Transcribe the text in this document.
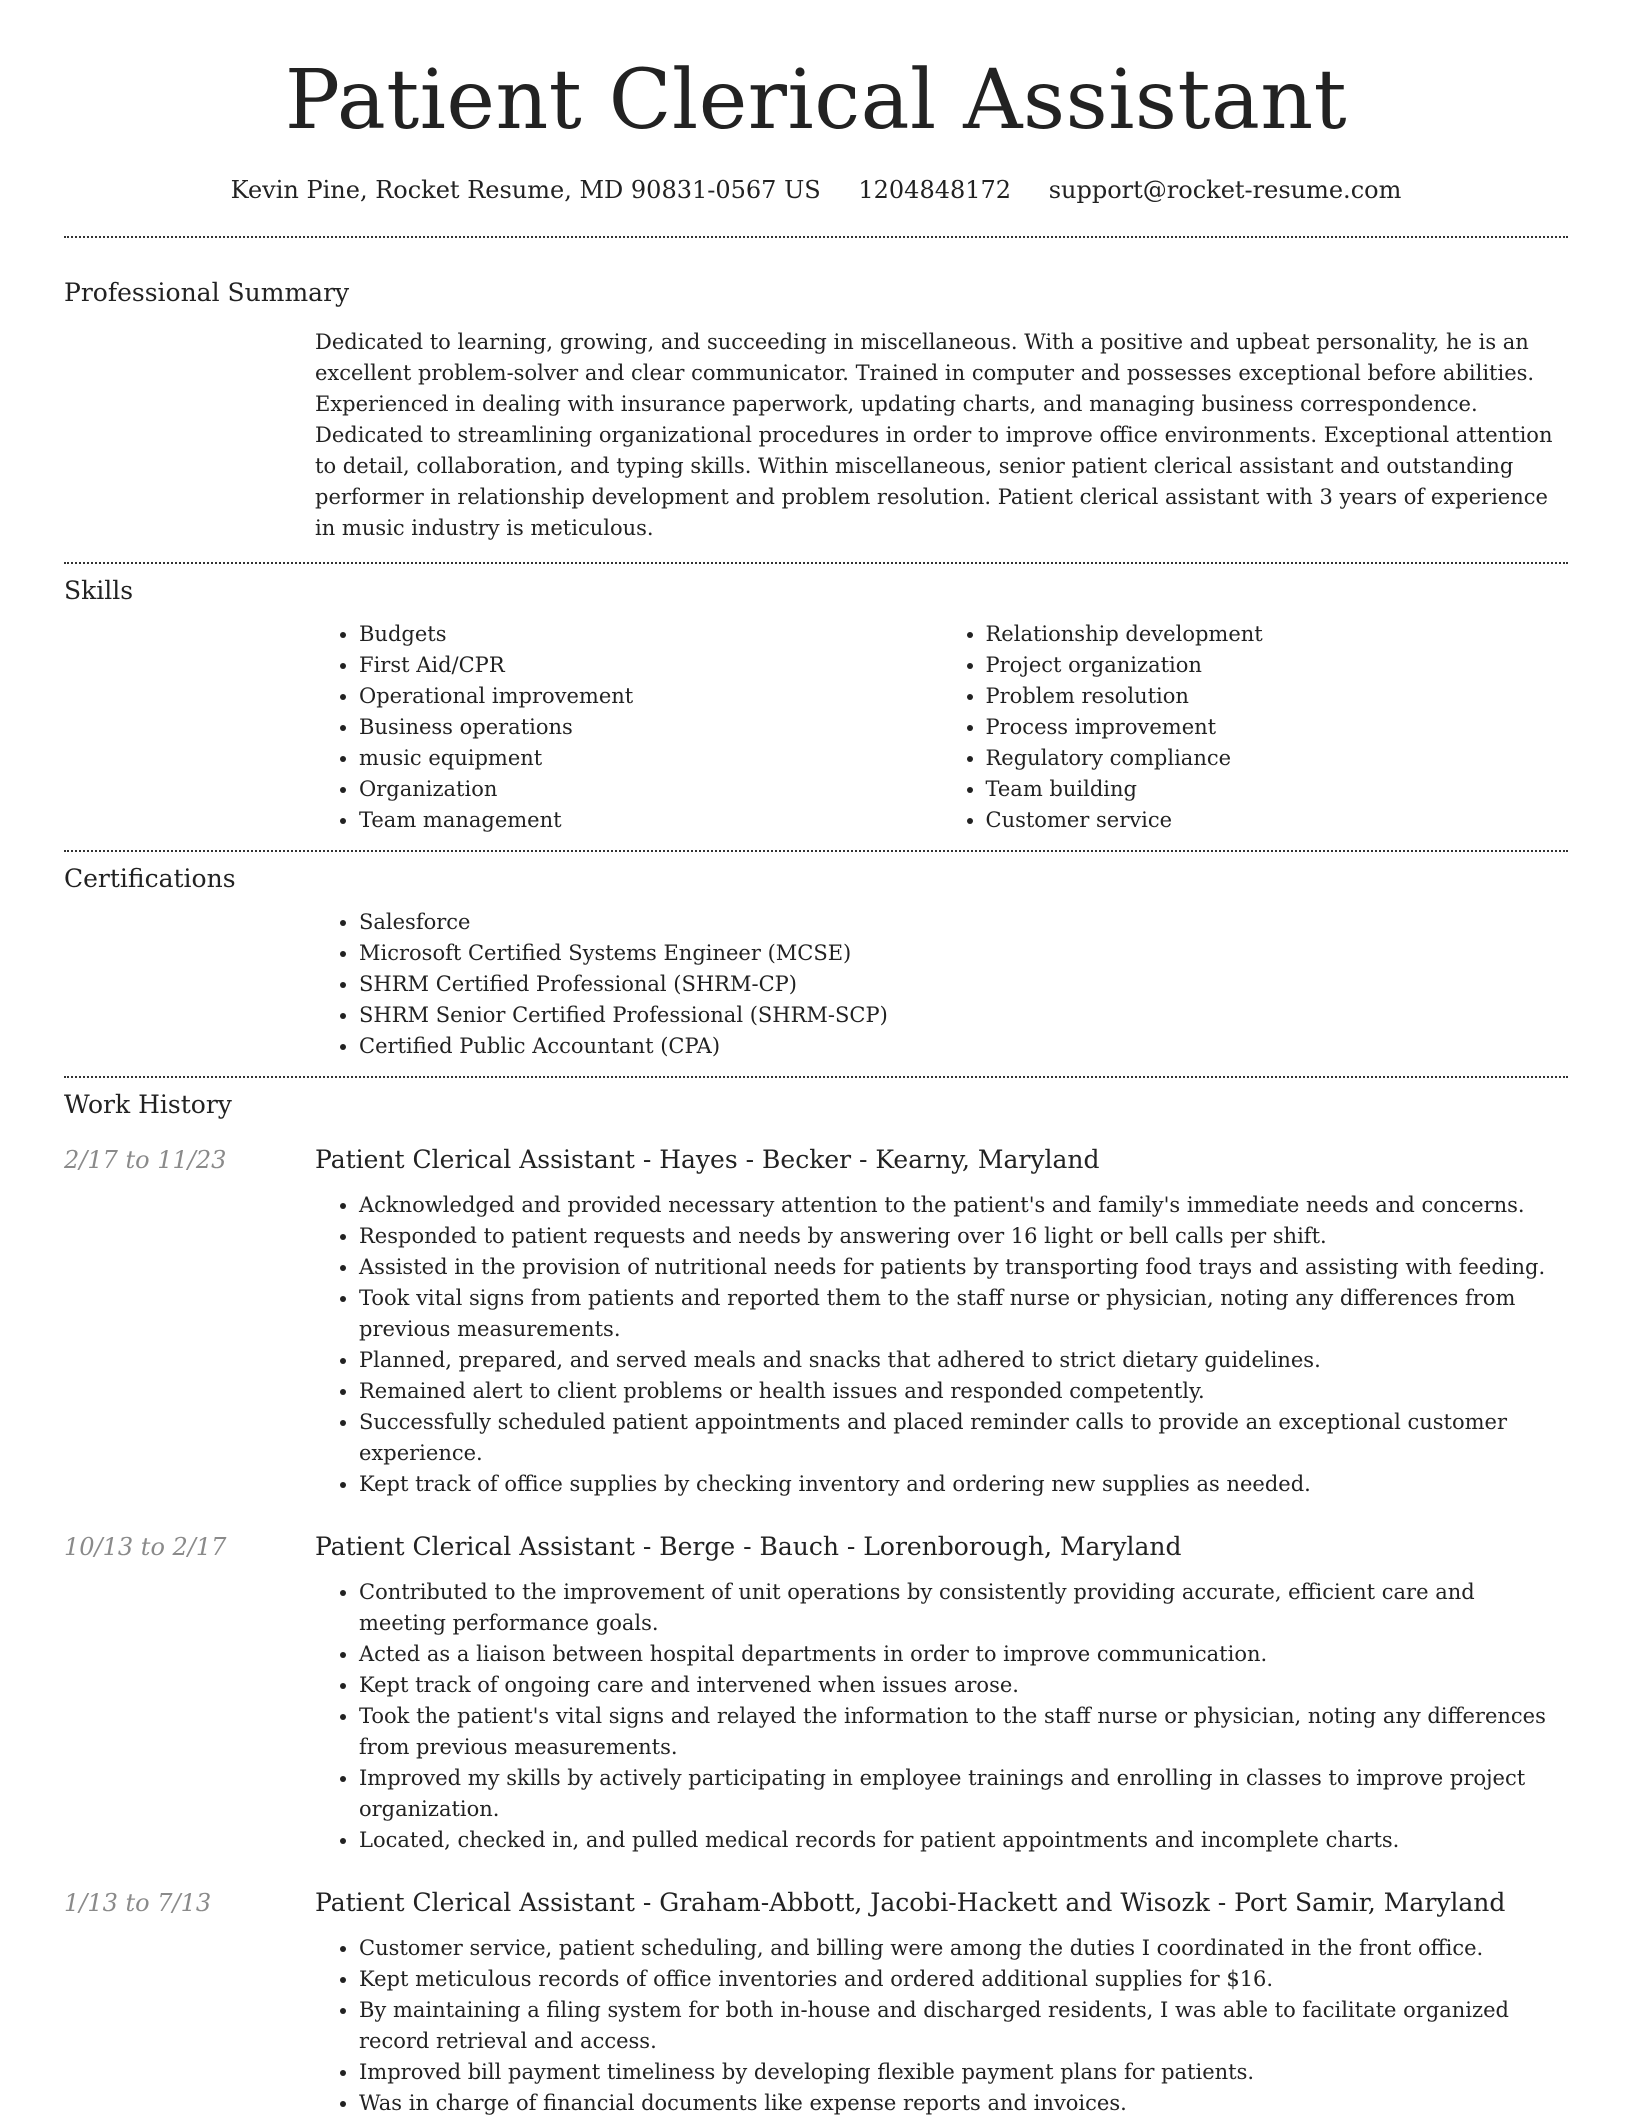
Patient Clerical Assistant
Kevin Pine, Rocket Resume, MD 90831-0567 US 1204848172 support@rocket-resume.com
Professional Summary

Dedicated to learning, growing, and succeeding in miscellaneous. With a positive and upbeat personality, he is an excellent problem-solver and clear communicator. Trained in computer and possesses exceptional before abilities. Experienced in dealing with insurance paperwork, updating charts, and managing business correspondence. Dedicated to streamlining organizational procedures in order to improve office environments. Exceptional attention to detail, collaboration, and typing skills. Within miscellaneous, senior patient clerical assistant and outstanding performer in relationship development and problem resolution. Patient clerical assistant with 3 years of experience in music industry is meticulous.

Skills
• Budgets
• First Aid/CPR
• Operational improvement
• Business operations
• music equipment
• Organization
• Team management
• Relationship development
• Project organization
• Problem resolution
• Process improvement
• Regulatory compliance
• Team building
• Customer service
Certifications
• Salesforce
• Microsoft Certified Systems Engineer (MCSE)
• SHRM Certified Professional (SHRM-CP)
• SHRM Senior Certified Professional (SHRM-SCP)
• Certified Public Accountant (CPA)
Work History
2/17 to 11/23	Patient Clerical Assistant - Hayes - Becker - Kearny, Maryland
• Acknowledged and provided necessary attention to the patient's and family's immediate needs and concerns.
• Responded to patient requests and needs by answering over 16 light or bell calls per shift.
• Assisted in the provision of nutritional needs for patients by transporting food trays and assisting with feeding.
• Took vital signs from patients and reported them to the staff nurse or physician, noting any differences from previous measurements.
• Planned, prepared, and served meals and snacks that adhered to strict dietary guidelines.
• Remained alert to client problems or health issues and responded competently.
• Successfully scheduled patient appointments and placed reminder calls to provide an exceptional customer experience.
• Kept track of office supplies by checking inventory and ordering new supplies as needed.
10/13 to 2/17	Patient Clerical Assistant - Berge - Bauch - Lorenborough, Maryland
• Contributed to the improvement of unit operations by consistently providing accurate, efficient care and meeting performance goals.
• Acted as a liaison between hospital departments in order to improve communication.
• Kept track of ongoing care and intervened when issues arose.
• Took the patient's vital signs and relayed the information to the staff nurse or physician, noting any differences from previous measurements.
• Improved my skills by actively participating in employee trainings and enrolling in classes to improve project organization.
• Located, checked in, and pulled medical records for patient appointments and incomplete charts.
1/13 to 7/13	Patient Clerical Assistant - Graham-Abbott, Jacobi-Hackett and Wisozk - Port Samir, Maryland
• Customer service, patient scheduling, and billing were among the duties I coordinated in the front office.
• Kept meticulous records of office inventories and ordered additional supplies for $16.
• By maintaining a filing system for both in-house and discharged residents, I was able to facilitate organized record retrieval and access.
• Improved bill payment timeliness by developing flexible payment plans for patients.
• Was in charge of financial documents like expense reports and invoices.
